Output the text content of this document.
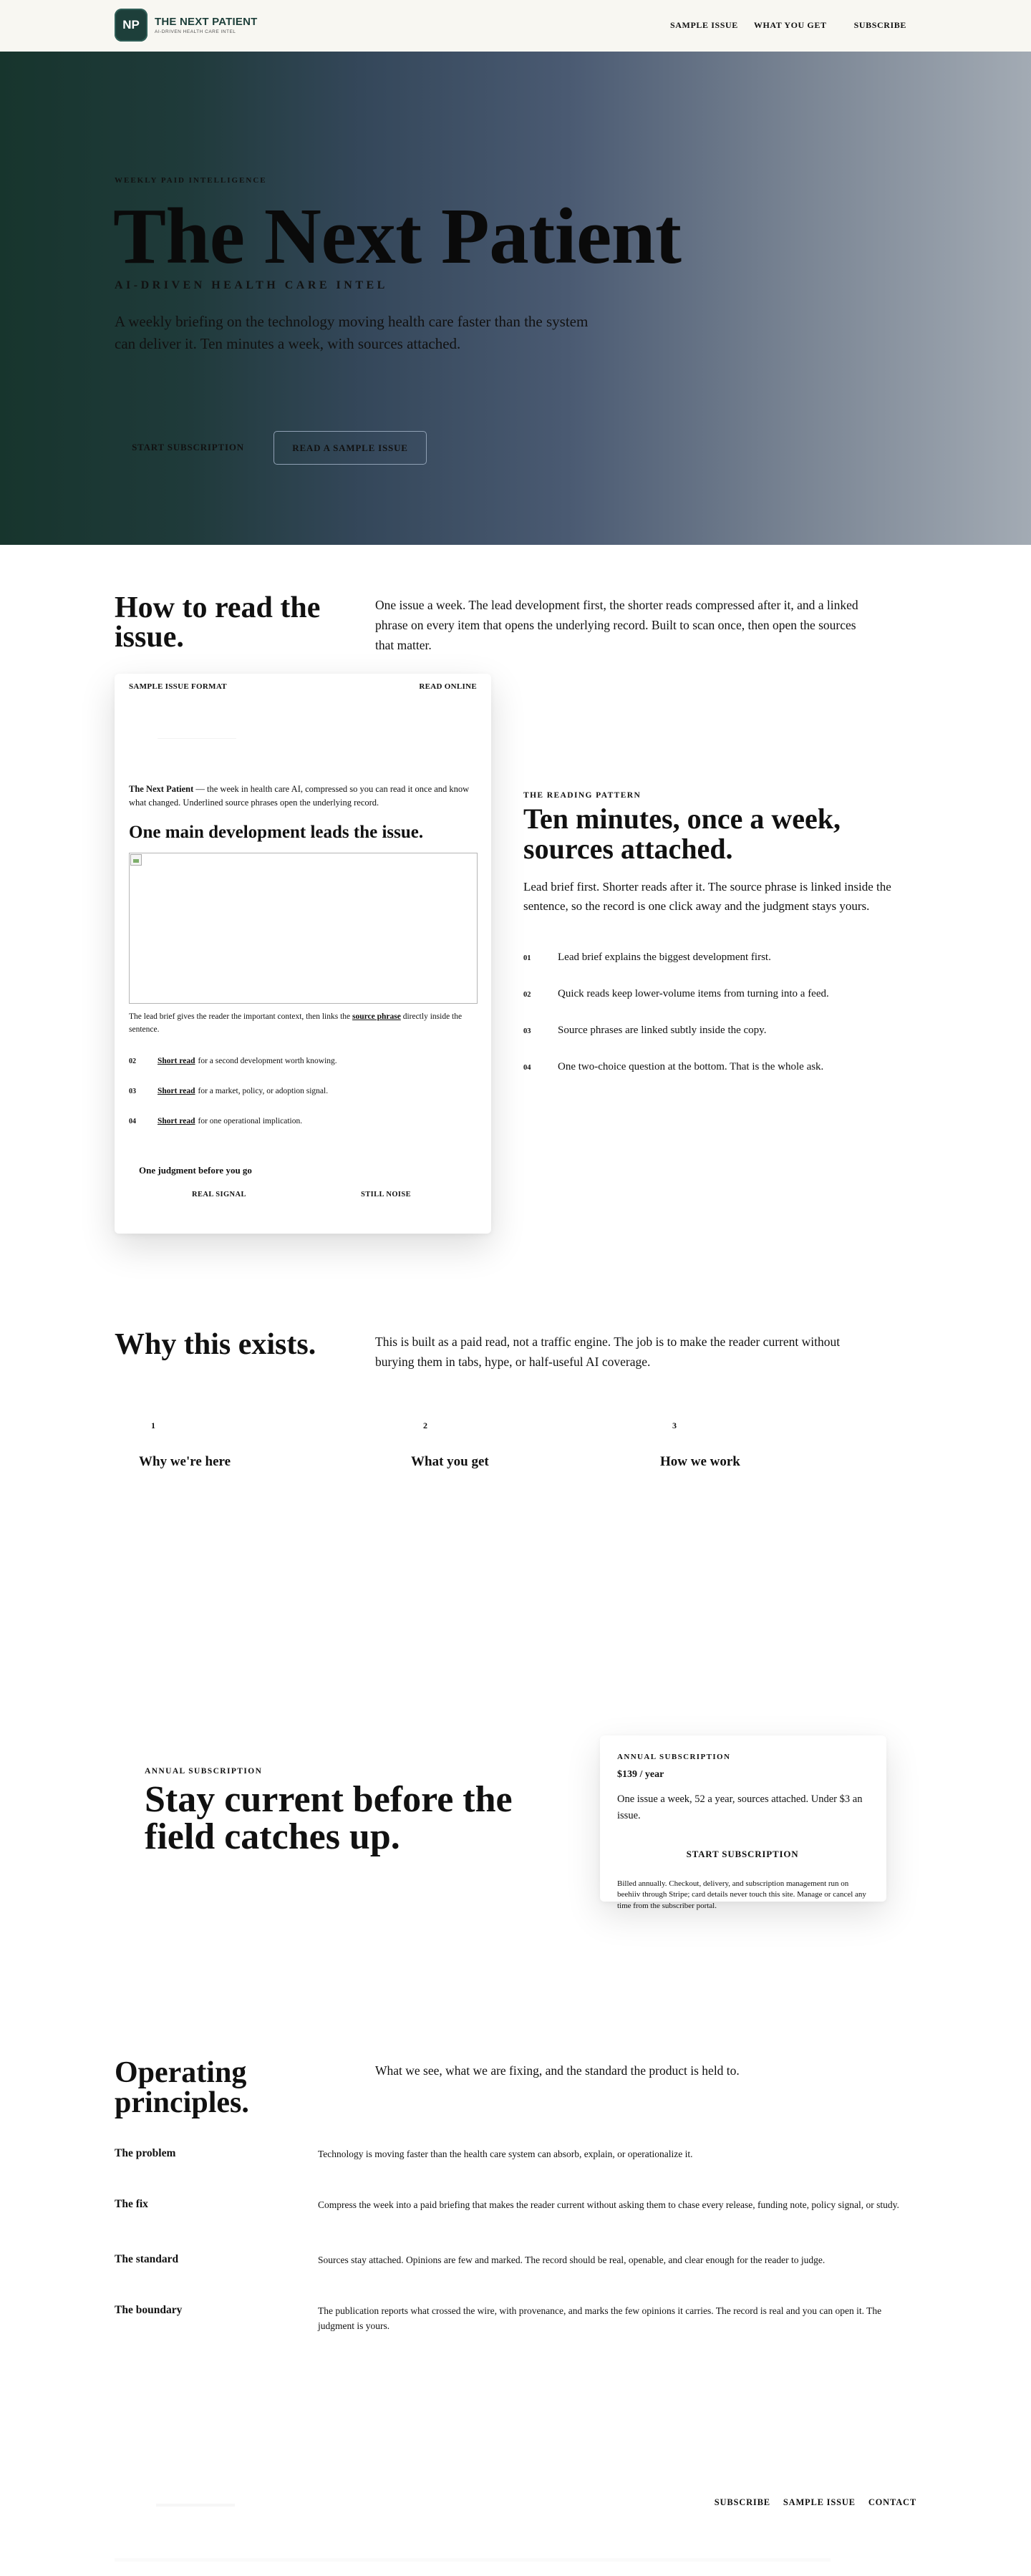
NP	THE NEXT PATIENT
AI-DRIVEN HEALTH CARE INTEL
SAMPLE ISSUE WHAT YOU GET	SUBSCRIBE
WEEKLY PAID INTELLIGENCE
The Next Patient
AI-DRIVEN HEALTH CARE INTEL

A weekly briefing on the technology moving health care faster than the system can deliver it. Ten minutes a week, with sources attached.

START SUBSCRIPTION	READ A SAMPLE ISSUE
How to read the issue.

One issue a week. The lead development first, the shorter reads compressed after it, and a linked phrase on every item that opens the underlying record. Built to scan once, then open the sources that matter.

SAMPLE ISSUE FORMAT	READ ONLINE

The Next Patient — the week in health care AI, compressed so you can read it once and know what changed. Underlined source phrases open the underlying record.

One main development leads the issue.

The lead brief gives the reader the important context, then links the source phrase directly inside the sentence.

02	Short read for a second development worth knowing.
03	Short read for a market, policy, or adoption signal.
04	Short read for one operational implication.
One judgment before you go
REAL SIGNAL	STILL NOISE
THE READING PATTERN
Ten minutes, once a week, sources attached.

Lead brief first. Shorter reads after it. The source phrase is linked inside the sentence, so the record is one click away and the judgment stays yours.

01	Lead brief explains the biggest development first.
02	Quick reads keep lower-volume items from turning into a feed.
03	Source phrases are linked subtly inside the copy.
04	One two-choice question at the bottom. That is the whole ask.
Why this exists.	This is built as a paid read, not a traffic engine. The job is to make the reader current without burying them in tabs, hype, or half-useful AI coverage.

1
Why we're here
2
What you get
3
How we work
ANNUAL SUBSCRIPTION
Stay current before the field catches up.
ANNUAL SUBSCRIPTION
$139 / year

One issue a week, 52 a year, sources attached. Under $3 an issue.

START SUBSCRIPTION

Billed annually. Checkout, delivery, and subscription management run on beehiiv through Stripe; card details never touch this site. Manage or cancel any time from the subscriber portal.

Operating principles.

What we see, what we are fixing, and the standard the product is held to.

The problem	Technology is moving faster than the health care system can absorb, explain, or operationalize it.
The fix	Compress the week into a paid briefing that makes the reader current without asking them to chase every release, funding note, policy signal, or study.
The standard	Sources stay attached. Opinions are few and marked. The record should be real, openable, and clear enough for the reader to judge.
The boundary	The publication reports what crossed the wire, with provenance, and marks the few opinions it carries. The record is real and you can open it. The judgment is yours.
SUBSCRIBE SAMPLE ISSUE CONTACT
